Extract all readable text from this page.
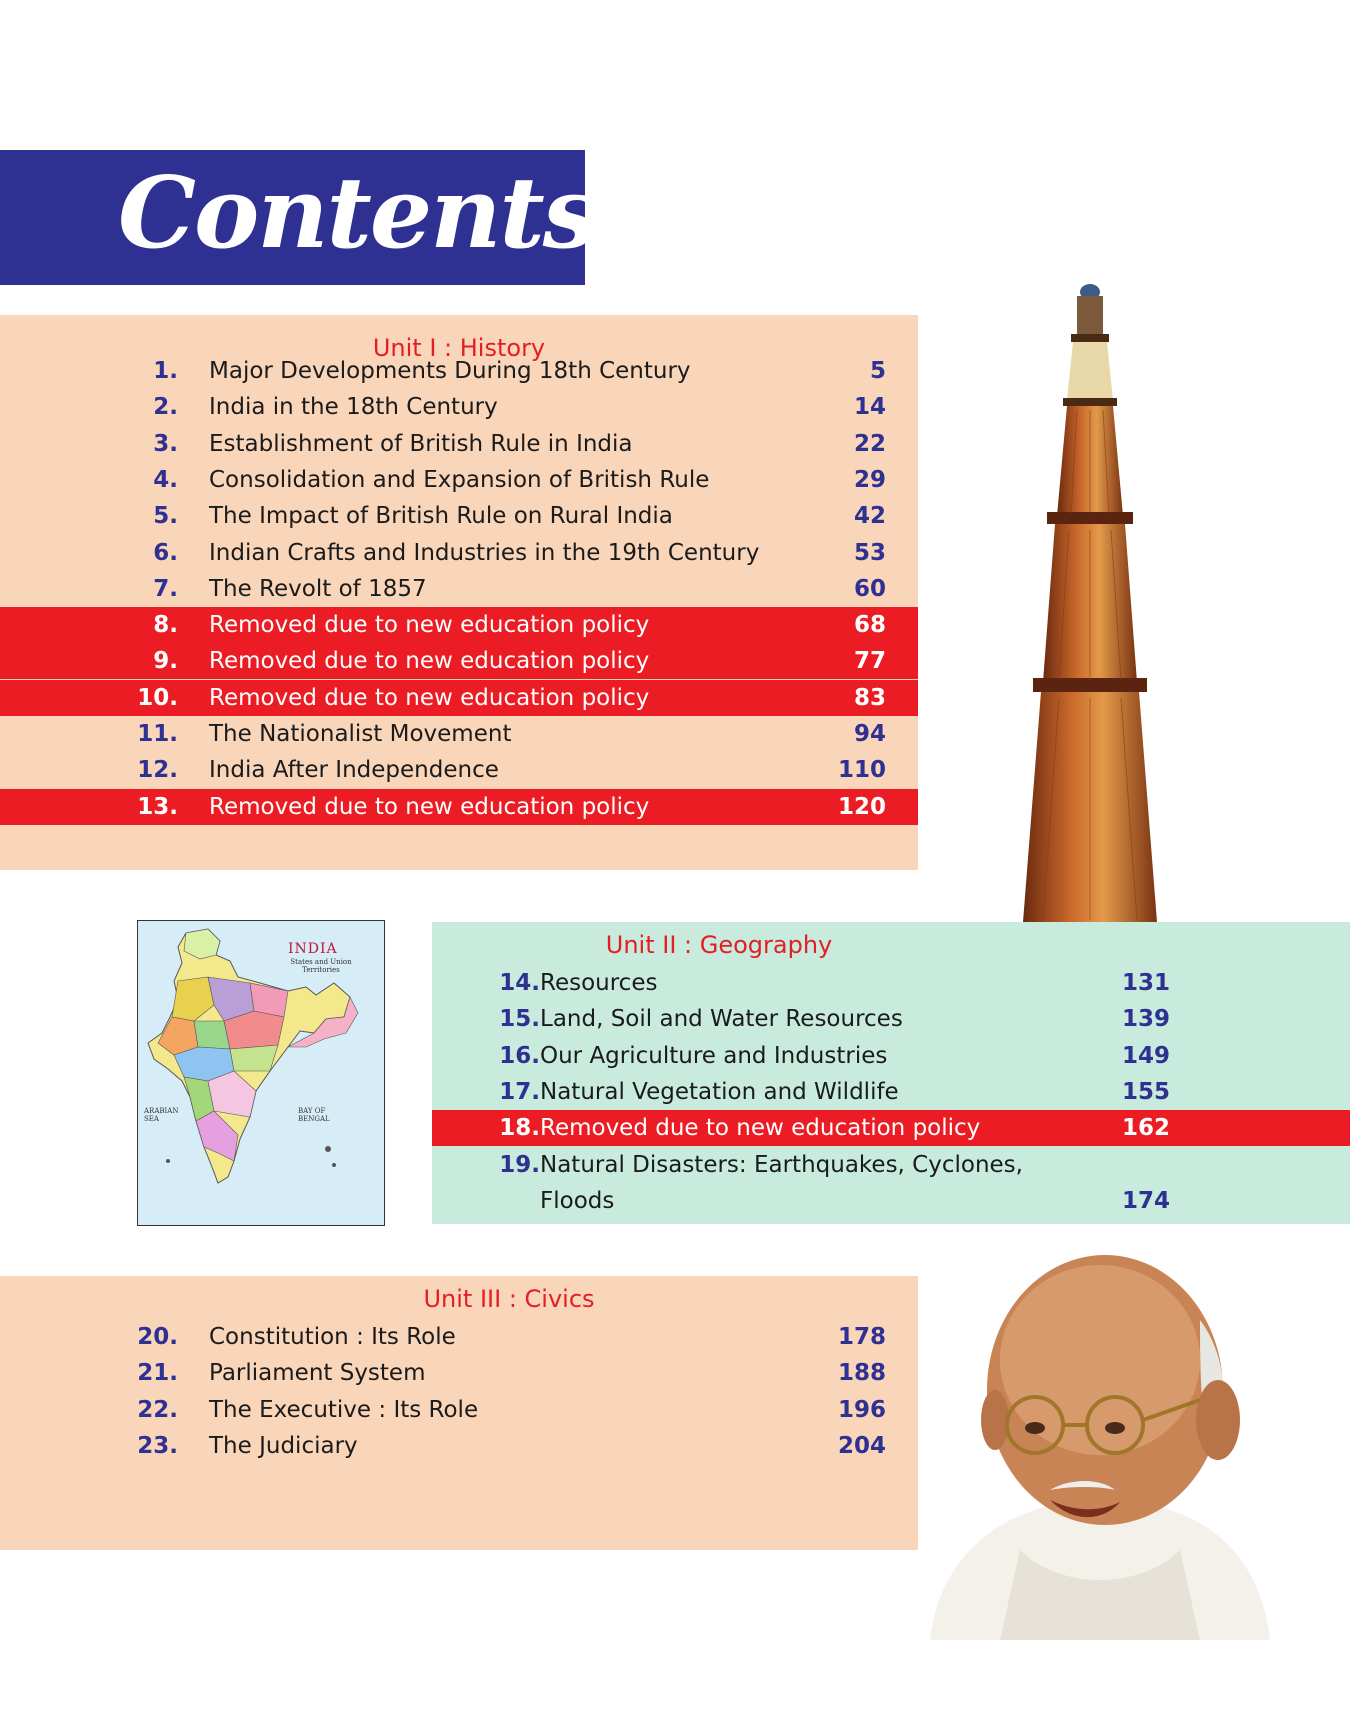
Contents...
Unit I : History
1. Major Developments During 18th Century	5
2. India in the 18th Century	14
3. Establishment of British Rule in India	22
4. Consolidation and Expansion of British Rule	29
5. The Impact of British Rule on Rural India	42
6. Indian Crafts and Industries in the 19th Century	53
7. The Revolt of 1857	60
8. Removed due to new education policy	68
9. Removed due to new education policy	77
10. Removed due to new education policy	83
11. The Nationalist Movement	94
12. India After Independence	110
13. Removed due to new education policy	120
Unit II : Geography
14. Resources	131
15. Land, Soil and Water Resources	139
16. Our Agriculture and Industries	149
17. Natural Vegetation and Wildlife	155
18. Removed due to new education policy	162
19. Natural Disasters: Earthquakes, Cyclones,
Floods	174
Unit III : Civics
20. Constitution : Its Role	178
21. Parliament System	188
22. The Executive : Its Role	196
23. The Judiciary	204
INDIA
States and Union Territories
ARABIAN SEA
BAY OF BENGAL
